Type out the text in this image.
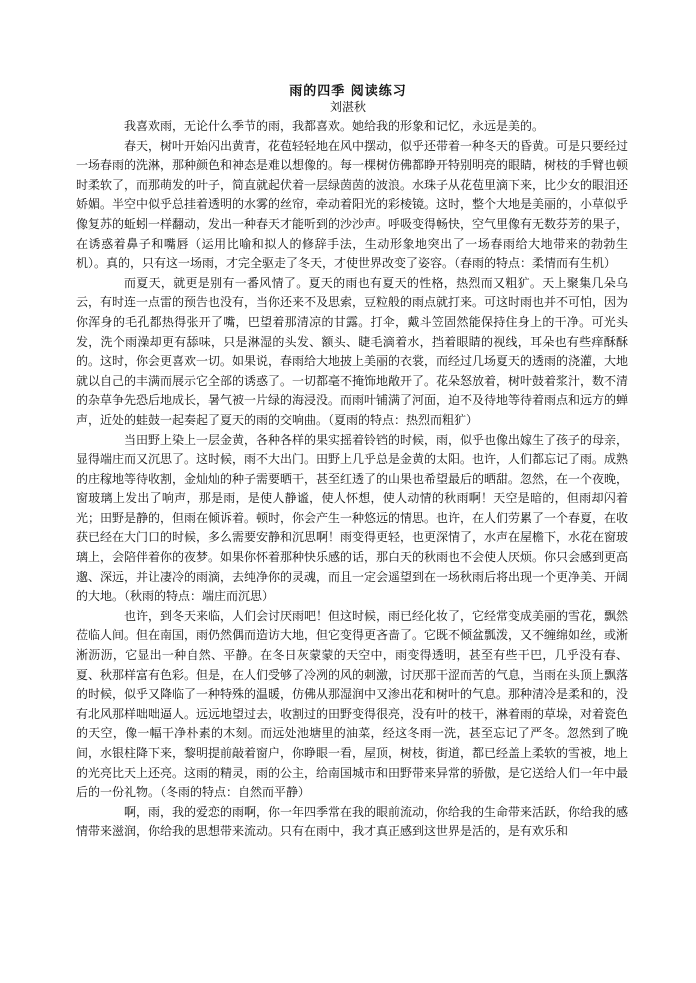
雨的四季 阅读练习
刘湛秋

我喜欢雨，无论什么季节的雨，我都喜欢。她给我的形象和记忆，永远是美的。

春天，树叶开始闪出黄青，花苞轻轻地在风中摆动，似乎还带着一种冬天的昏黄。可是只要经过一场春雨的洗淋，那种颜色和神态是难以想像的。每一棵树仿佛都睁开特别明亮的眼睛，树枝的手臂也顿时柔软了，而那萌发的叶子，简直就起伏着一层绿茵茵的波浪。水珠子从花苞里滴下来，比少女的眼泪还娇媚。半空中似乎总挂着透明的水雾的丝帘，牵动着阳光的彩棱镜。这时，整个大地是美丽的，小草似乎像复苏的蚯蚓一样翻动，发出一种春天才能听到的沙沙声。呼吸变得畅快，空气里像有无数芬芳的果子，在诱惑着鼻子和嘴唇（运用比喻和拟人的修辞手法，生动形象地突出了一场春雨给大地带来的勃勃生机）。真的，只有这一场雨，才完全驱走了冬天，才使世界改变了姿容。（春雨的特点：柔情而有生机）

而夏天，就更是别有一番风情了。夏天的雨也有夏天的性格，热烈而又粗犷。天上聚集几朵乌云，有时连一点雷的预告也没有，当你还来不及思索，豆粒般的雨点就打来。可这时雨也并不可怕，因为你浑身的毛孔都热得张开了嘴，巴望着那清凉的甘露。打伞，戴斗笠固然能保持住身上的干净。可光头发，洗个雨澡却更有舔味，只是淋湿的头发、额头、睫毛滴着水，挡着眼睛的视线，耳朵也有些痒酥酥的。这时，你会更喜欢一切。如果说，春雨给大地披上美丽的衣裳，而经过几场夏天的透雨的浇灌，大地就以自己的丰满而展示它全部的诱惑了。一切都毫不掩饰地敞开了。花朵怒放着，树叶鼓着浆汁，数不清的杂草争先恐后地成长，暑气被一片绿的海浸没。而雨叶铺满了河面，迫不及待地等待着雨点和远方的蝉声，近处的蛙鼓一起奏起了夏天的雨的交响曲。（夏雨的特点：热烈而粗犷）

当田野上染上一层金黄，各种各样的果实摇着铃铛的时候，雨，似乎也像出嫁生了孩子的母亲，显得端庄而又沉思了。这时候，雨不大出门。田野上几乎总是金黄的太阳。也许，人们都忘记了雨。成熟的庄稼地等待收割，金灿灿的种子需要晒干，甚至红透了的山果也希望最后的晒甜。忽然，在一个夜晚，窗玻璃上发出了响声，那是雨，是使人静谧，使人怀想，使人动情的秋雨啊！天空是暗的，但雨却闪着光；田野是静的，但雨在倾诉着。顿时，你会产生一种悠远的情思。也许，在人们劳累了一个春夏，在收获已经在大门口的时候，多么需要安静和沉思啊！雨变得更轻，也更深情了，水声在屋檐下，水花在窗玻璃上，会陪伴着你的夜梦。如果你怀着那种快乐感的话，那白天的秋雨也不会使人厌烦。你只会感到更高邈、深远，并让凄冷的雨滴，去纯净你的灵魂，而且一定会遥望到在一场秋雨后将出现一个更净美、开阔的大地。（秋雨的特点：端庄而沉思）

也许，到冬天来临，人们会讨厌雨吧！但这时候，雨已经化妆了，它经常变成美丽的雪花，飘然莅临人间。但在南国，雨仍然偶而造访大地，但它变得更吝啬了。它既不倾盆瓢泼，又不缠绵如丝，或淅淅沥沥，它显出一种自然、平静。在冬日灰蒙蒙的天空中，雨变得透明，甚至有些干巴，几乎没有春、夏、秋那样富有色彩。但是，在人们受够了冷冽的风的刺激，讨厌那干涩而苦的气息，当雨在头顶上飘落的时候，似乎又降临了一种特殊的温暖，仿佛从那湿润中又渗出花和树叶的气息。那种清冷是柔和的，没有北风那样咄咄逼人。远远地望过去，收割过的田野变得很亮，没有叶的枝干，淋着雨的草垛，对着瓷色的天空，像一幅干净朴素的木刻。而远处池塘里的油菜，经这冬雨一洗，甚至忘记了严冬。忽然到了晚间，水银柱降下来，黎明提前敲着窗户，你睁眼一看，屋顶，树枝，街道，都已经盖上柔软的雪被，地上的光亮比天上还亮。这雨的精灵，雨的公主，给南国城市和田野带来异常的骄傲，是它送给人们一年中最后的一份礼物。（冬雨的特点：自然而平静）

啊，雨，我的爱恋的雨啊，你一年四季常在我的眼前流动，你给我的生命带来活跃，你给我的感情带来滋润，你给我的思想带来流动。只有在雨中，我才真正感到这世界是活的，是有欢乐和
